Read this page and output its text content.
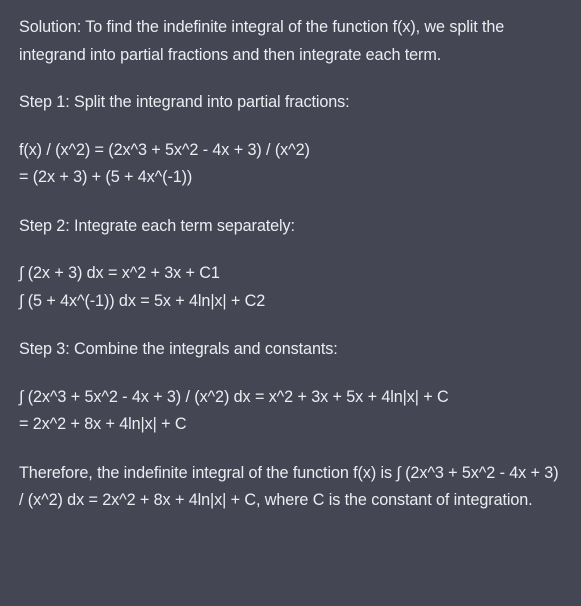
Solution: To find the indefinite integral of the function f(x), we split the integrand into partial fractions and then integrate each term.

Step 1: Split the integrand into partial fractions:

f(x) / (x^2) = (2x^3 + 5x^2 - 4x + 3) / (x^2)

= (2x + 3) + (5 + 4x^(-1))

Step 2: Integrate each term separately:

∫ (2x + 3) dx = x^2 + 3x + C1

∫ (5 + 4x^(-1)) dx = 5x + 4ln|x| + C2

Step 3: Combine the integrals and constants:

∫ (2x^3 + 5x^2 - 4x + 3) / (x^2) dx = x^2 + 3x + 5x + 4ln|x| + C

= 2x^2 + 8x + 4ln|x| + C

Therefore, the indefinite integral of the function f(x) is ∫ (2x^3 + 5x^2 - 4x + 3) / (x^2) dx = 2x^2 + 8x + 4ln|x| + C, where C is the constant of integration.
